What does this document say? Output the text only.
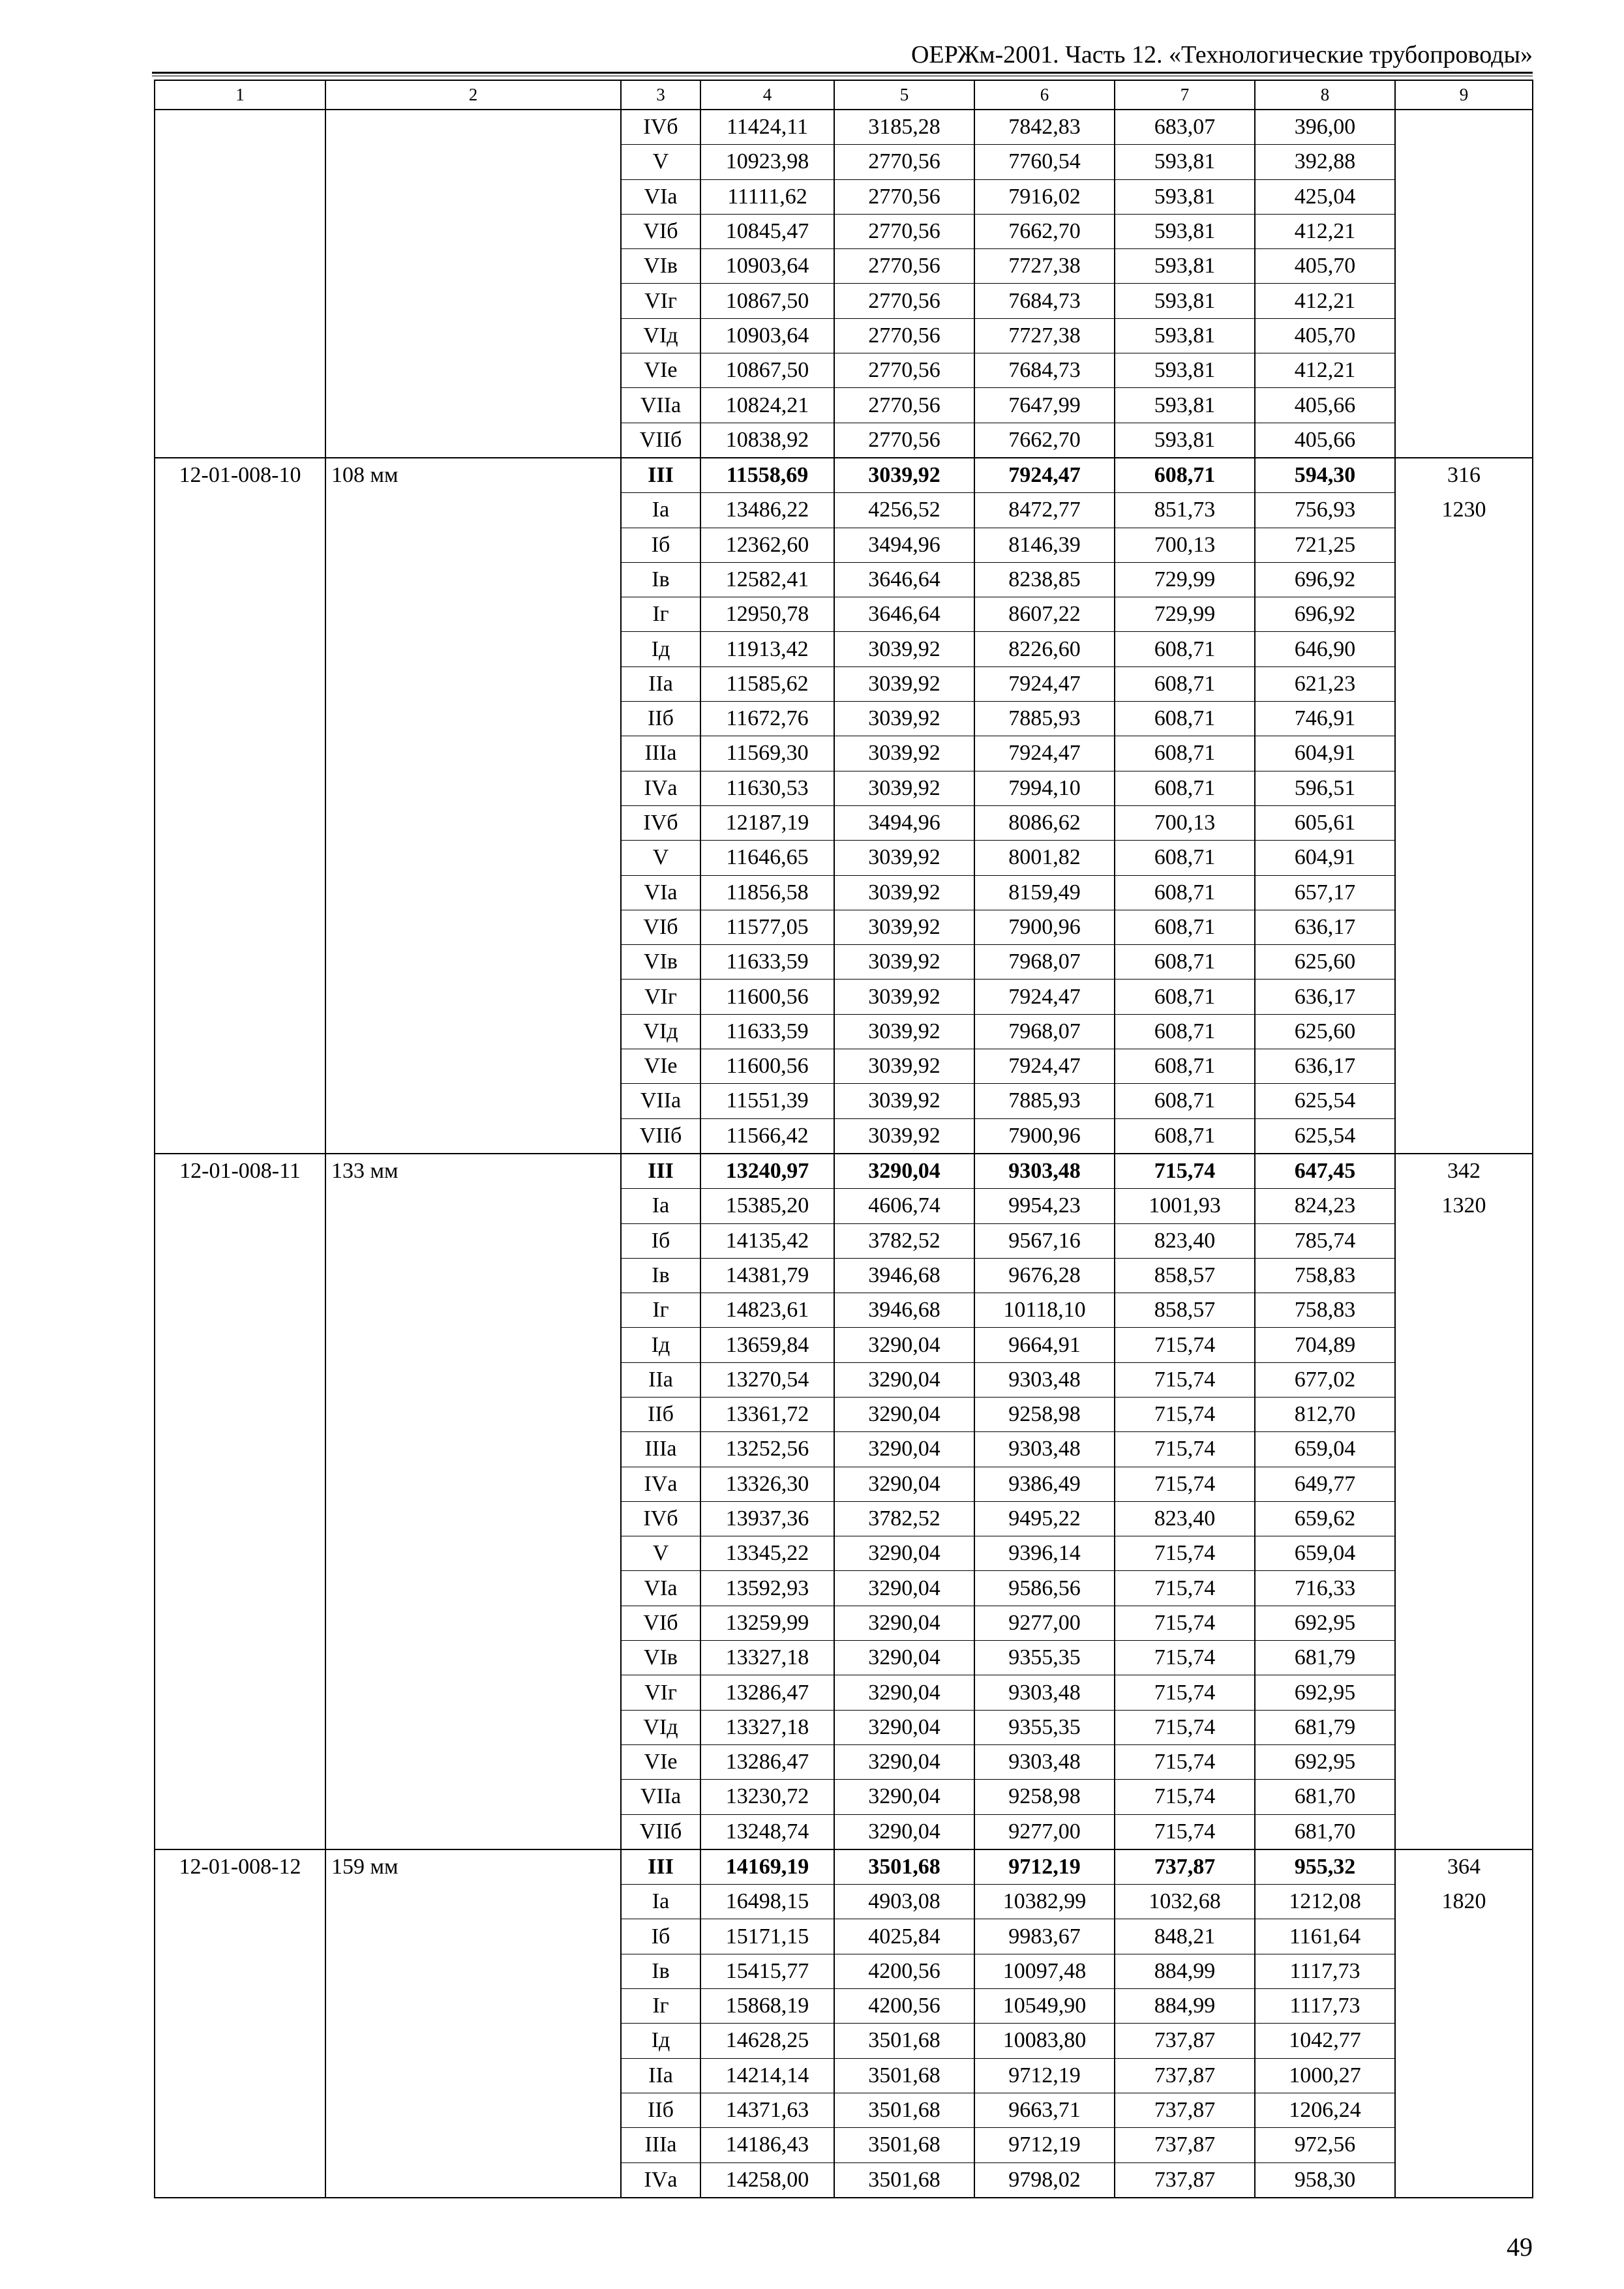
ОЕРЖм-2001. Часть 12. «Технологические трубопроводы»
1	2	3	4	5	6	7	8	9
		IVб	11424,11	3185,28	7842,83	683,07	396,00	
		V	10923,98	2770,56	7760,54	593,81	392,88	
		VIа	11111,62	2770,56	7916,02	593,81	425,04	
		VIб	10845,47	2770,56	7662,70	593,81	412,21	
		VIв	10903,64	2770,56	7727,38	593,81	405,70	
		VIг	10867,50	2770,56	7684,73	593,81	412,21	
		VIд	10903,64	2770,56	7727,38	593,81	405,70	
		VIе	10867,50	2770,56	7684,73	593,81	412,21	
		VIIа	10824,21	2770,56	7647,99	593,81	405,66	
		VIIб	10838,92	2770,56	7662,70	593,81	405,66	
12-01-008-10	108 мм	III	11558,69	3039,92	7924,47	608,71	594,30	316
		Iа	13486,22	4256,52	8472,77	851,73	756,93	1230
		Iб	12362,60	3494,96	8146,39	700,13	721,25	
		Iв	12582,41	3646,64	8238,85	729,99	696,92	
		Iг	12950,78	3646,64	8607,22	729,99	696,92	
		Iд	11913,42	3039,92	8226,60	608,71	646,90	
		IIа	11585,62	3039,92	7924,47	608,71	621,23	
		IIб	11672,76	3039,92	7885,93	608,71	746,91	
		IIIа	11569,30	3039,92	7924,47	608,71	604,91	
		IVа	11630,53	3039,92	7994,10	608,71	596,51	
		IVб	12187,19	3494,96	8086,62	700,13	605,61	
		V	11646,65	3039,92	8001,82	608,71	604,91	
		VIа	11856,58	3039,92	8159,49	608,71	657,17	
		VIб	11577,05	3039,92	7900,96	608,71	636,17	
		VIв	11633,59	3039,92	7968,07	608,71	625,60	
		VIг	11600,56	3039,92	7924,47	608,71	636,17	
		VIд	11633,59	3039,92	7968,07	608,71	625,60	
		VIе	11600,56	3039,92	7924,47	608,71	636,17	
		VIIа	11551,39	3039,92	7885,93	608,71	625,54	
		VIIб	11566,42	3039,92	7900,96	608,71	625,54	
12-01-008-11	133 мм	III	13240,97	3290,04	9303,48	715,74	647,45	342
		Iа	15385,20	4606,74	9954,23	1001,93	824,23	1320
		Iб	14135,42	3782,52	9567,16	823,40	785,74	
		Iв	14381,79	3946,68	9676,28	858,57	758,83	
		Iг	14823,61	3946,68	10118,10	858,57	758,83	
		Iд	13659,84	3290,04	9664,91	715,74	704,89	
		IIа	13270,54	3290,04	9303,48	715,74	677,02	
		IIб	13361,72	3290,04	9258,98	715,74	812,70	
		IIIа	13252,56	3290,04	9303,48	715,74	659,04	
		IVа	13326,30	3290,04	9386,49	715,74	649,77	
		IVб	13937,36	3782,52	9495,22	823,40	659,62	
		V	13345,22	3290,04	9396,14	715,74	659,04	
		VIа	13592,93	3290,04	9586,56	715,74	716,33	
		VIб	13259,99	3290,04	9277,00	715,74	692,95	
		VIв	13327,18	3290,04	9355,35	715,74	681,79	
		VIг	13286,47	3290,04	9303,48	715,74	692,95	
		VIд	13327,18	3290,04	9355,35	715,74	681,79	
		VIе	13286,47	3290,04	9303,48	715,74	692,95	
		VIIа	13230,72	3290,04	9258,98	715,74	681,70	
		VIIб	13248,74	3290,04	9277,00	715,74	681,70	
12-01-008-12	159 мм	III	14169,19	3501,68	9712,19	737,87	955,32	364
		Iа	16498,15	4903,08	10382,99	1032,68	1212,08	1820
		Iб	15171,15	4025,84	9983,67	848,21	1161,64	
		Iв	15415,77	4200,56	10097,48	884,99	1117,73	
		Iг	15868,19	4200,56	10549,90	884,99	1117,73	
		Iд	14628,25	3501,68	10083,80	737,87	1042,77	
		IIа	14214,14	3501,68	9712,19	737,87	1000,27	
		IIб	14371,63	3501,68	9663,71	737,87	1206,24	
		IIIа	14186,43	3501,68	9712,19	737,87	972,56	
		IVа	14258,00	3501,68	9798,02	737,87	958,30	
49
